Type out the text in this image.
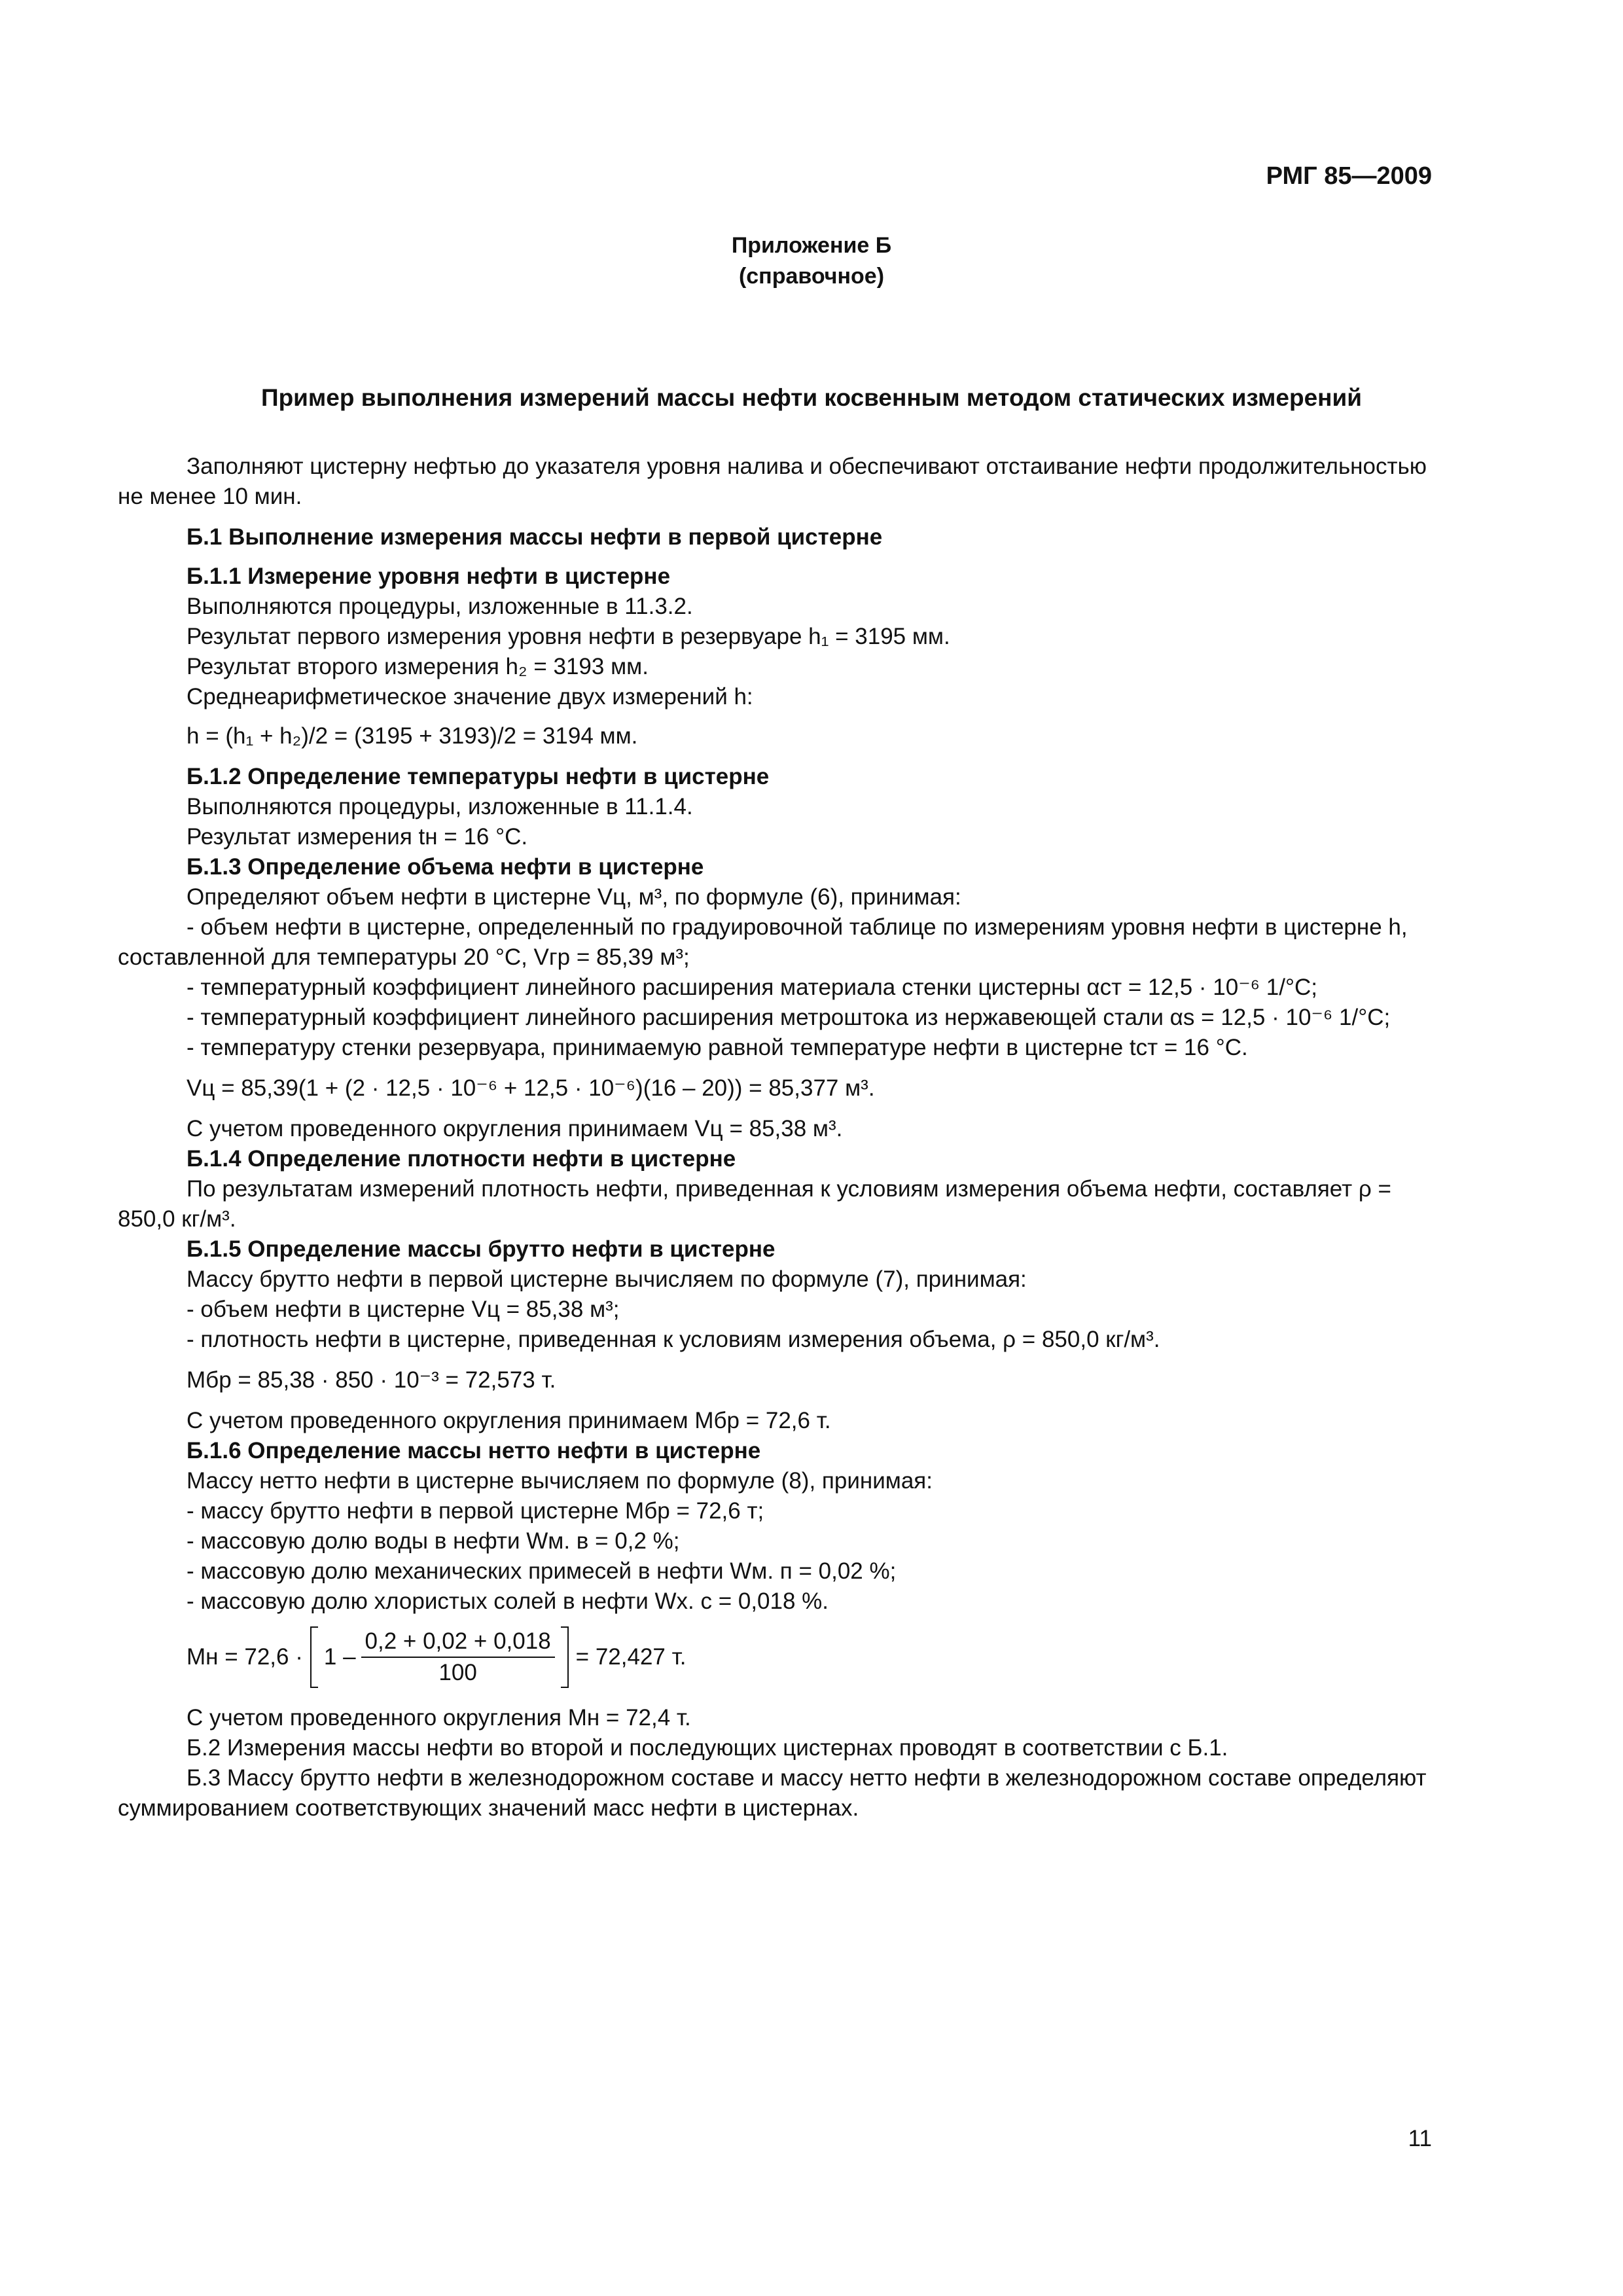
РМГ 85—2009
Приложение Б
(справочное)
Пример выполнения измерений массы нефти косвенным методом статических измерений

Заполняют цистерну нефтью до указателя уровня налива и обеспечивают отстаивание нефти продолжительностью не менее 10 мин.

Б.1 Выполнение измерения массы нефти в первой цистерне

Б.1.1 Измерение уровня нефти в цистерне

Выполняются процедуры, изложенные в 11.3.2.

Результат первого измерения уровня нефти в резервуаре h₁ = 3195 мм.

Результат второго измерения h₂ = 3193 мм.

Среднеарифметическое значение двух измерений h:

h = (h₁ + h₂)/2 = (3195 + 3193)/2 = 3194 мм.

Б.1.2 Определение температуры нефти в цистерне

Выполняются процедуры, изложенные в 11.1.4.

Результат измерения tн = 16 °С.

Б.1.3 Определение объема нефти в цистерне

Определяют объем нефти в цистерне Vц, м³, по формуле (6), принимая:

- объем нефти в цистерне, определенный по градуировочной таблице по измерениям уровня нефти в цистерне h, составленной для температуры 20 °С, Vгр = 85,39 м³;

- температурный коэффициент линейного расширения материала стенки цистерны αст = 12,5 · 10⁻⁶ 1/°С;

- температурный коэффициент линейного расширения метроштока из нержавеющей стали αs = 12,5 · 10⁻⁶ 1/°С;

- температуру стенки резервуара, принимаемую равной температуре нефти в цистерне tст = 16 °С.

Vц = 85,39(1 + (2 · 12,5 · 10⁻⁶ + 12,5 · 10⁻⁶)(16 – 20)) = 85,377 м³.

С учетом проведенного округления принимаем Vц = 85,38 м³.

Б.1.4 Определение плотности нефти в цистерне

По результатам измерений плотность нефти, приведенная к условиям измерения объема нефти, составляет ρ = 850,0 кг/м³.

Б.1.5 Определение массы брутто нефти в цистерне

Массу брутто нефти в первой цистерне вычисляем по формуле (7), принимая:

- объем нефти в цистерне Vц = 85,38 м³;

- плотность нефти в цистерне, приведенная к условиям измерения объема, ρ = 850,0 кг/м³.

Mбр = 85,38 · 850 · 10⁻³ = 72,573 т.

С учетом проведенного округления принимаем Mбр = 72,6 т.

Б.1.6 Определение массы нетто нефти в цистерне

Массу нетто нефти в цистерне вычисляем по формуле (8), принимая:

- массу брутто нефти в первой цистерне Mбр = 72,6 т;

- массовую долю воды в нефти Wм. в = 0,2 %;

- массовую долю механических примесей в нефти Wм. п = 0,02 %;

- массовую долю хлористых солей в нефти Wх. с = 0,018 %.

Mн = $72,6 \cdot 1 - \frac{0,2 + 0,02 + 0,018}{100} = 72,427$ т.

С учетом проведенного округления Mн = 72,4 т.

Б.2 Измерения массы нефти во второй и последующих цистернах проводят в соответствии с Б.1.

Б.3 Массу брутто нефти в железнодорожном составе и массу нетто нефти в железнодорожном составе определяют суммированием соответствующих значений масс нефти в цистернах.

11
